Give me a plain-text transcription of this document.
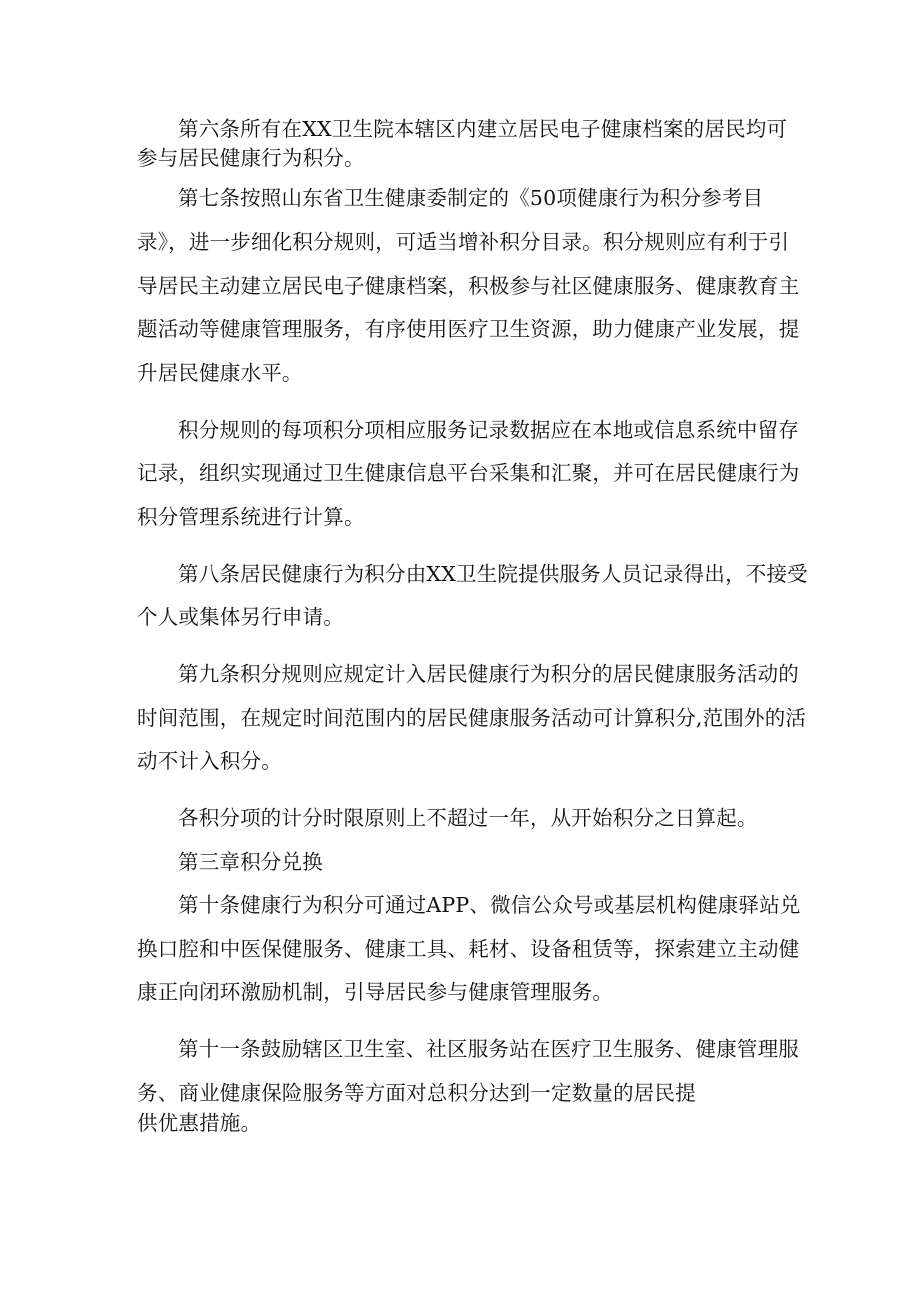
第六条所有在XX卫生院本辖区内建立居民电子健康档案的居民均可
参与居民健康行为积分。
第七条按照山东省卫生健康委制定的《50项健康行为积分参考目
录》，进一步细化积分规则，可适当增补积分目录。积分规则应有利于引
导居民主动建立居民电子健康档案，积极参与社区健康服务、健康教育主
题活动等健康管理服务，有序使用医疗卫生资源，助力健康产业发展，提
升居民健康水平。
积分规则的每项积分项相应服务记录数据应在本地或信息系统中留存
记录，组织实现通过卫生健康信息平台采集和汇聚，并可在居民健康行为
积分管理系统进行计算。
第八条居民健康行为积分由XX卫生院提供服务人员记录得出，不接受
个人或集体另行申请。
第九条积分规则应规定计入居民健康行为积分的居民健康服务活动的
时间范围，在规定时间范围内的居民健康服务活动可计算积分,范围外的活
动不计入积分。
各积分项的计分时限原则上不超过一年，从开始积分之日算起。
第三章积分兑换
第十条健康行为积分可通过APP、微信公众号或基层机构健康驿站兑
换口腔和中医保健服务、健康工具、耗材、设备租赁等，探索建立主动健
康正向闭环激励机制，引导居民参与健康管理服务。
第十一条鼓励辖区卫生室、社区服务站在医疗卫生服务、健康管理服
务、商业健康保险服务等方面对总积分达到一定数量的居民提
供优惠措施。
